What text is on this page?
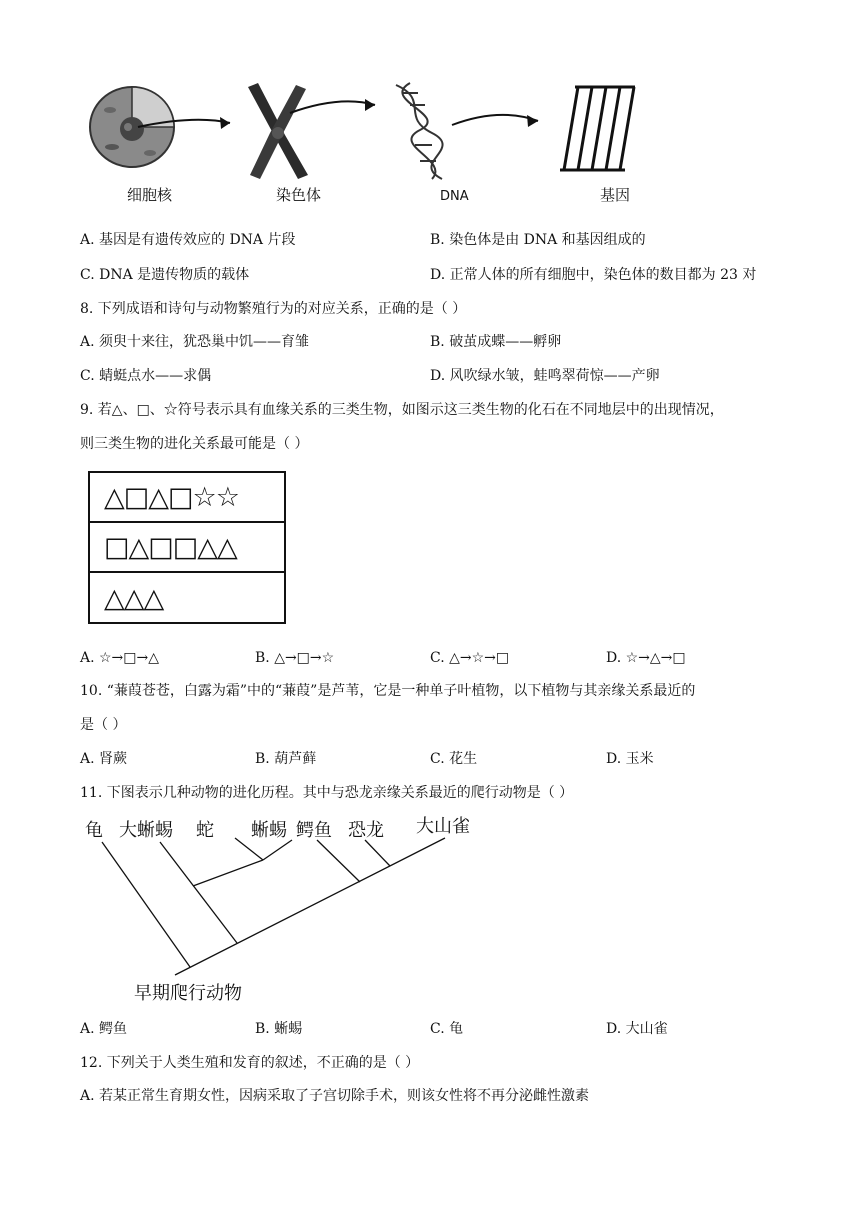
细胞核	染色体	DNA	基因
A. 基因是有遗传效应的 DNA 片段	B. 染色体是由 DNA 和基因组成的
C. DNA 是遗传物质的载体	D. 正常人体的所有细胞中，染色体的数目都为 23 对
8. 下列成语和诗句与动物繁殖行为的对应关系，正确的是（ ）
A. 须臾十来往，犹恐巢中饥——育雏	B. 破茧成蝶——孵卵
C. 蜻蜓点水——求偶	D. 风吹绿水皱，蛙鸣翠荷惊——产卵
9. 若△、□、☆符号表示具有血缘关系的三类生物，如图示这三类生物的化石在不同地层中的出现情况，
则三类生物的进化关系最可能是（ ）
△□△□☆☆
□△□□△△
△△△
A. ☆→□→△	B. △→□→☆	C. △→☆→□	D. ☆→△→□
10. “蒹葭苍苍，白露为霜”中的“蒹葭”是芦苇，它是一种单子叶植物，以下植物与其亲缘关系最近的
是（ ）
A. 肾蕨	B. 葫芦藓	C. 花生	D. 玉米
11. 下图表示几种动物的进化历程。其中与恐龙亲缘关系最近的爬行动物是（ ）
龟 大蜥蜴 蛇 蜥蜴 鳄鱼 恐龙 大山雀
早期爬行动物
A. 鳄鱼	B. 蜥蜴	C. 龟	D. 大山雀
12. 下列关于人类生殖和发育的叙述，不正确的是（ ）
A. 若某正常生育期女性，因病采取了子宫切除手术，则该女性将不再分泌雌性激素
